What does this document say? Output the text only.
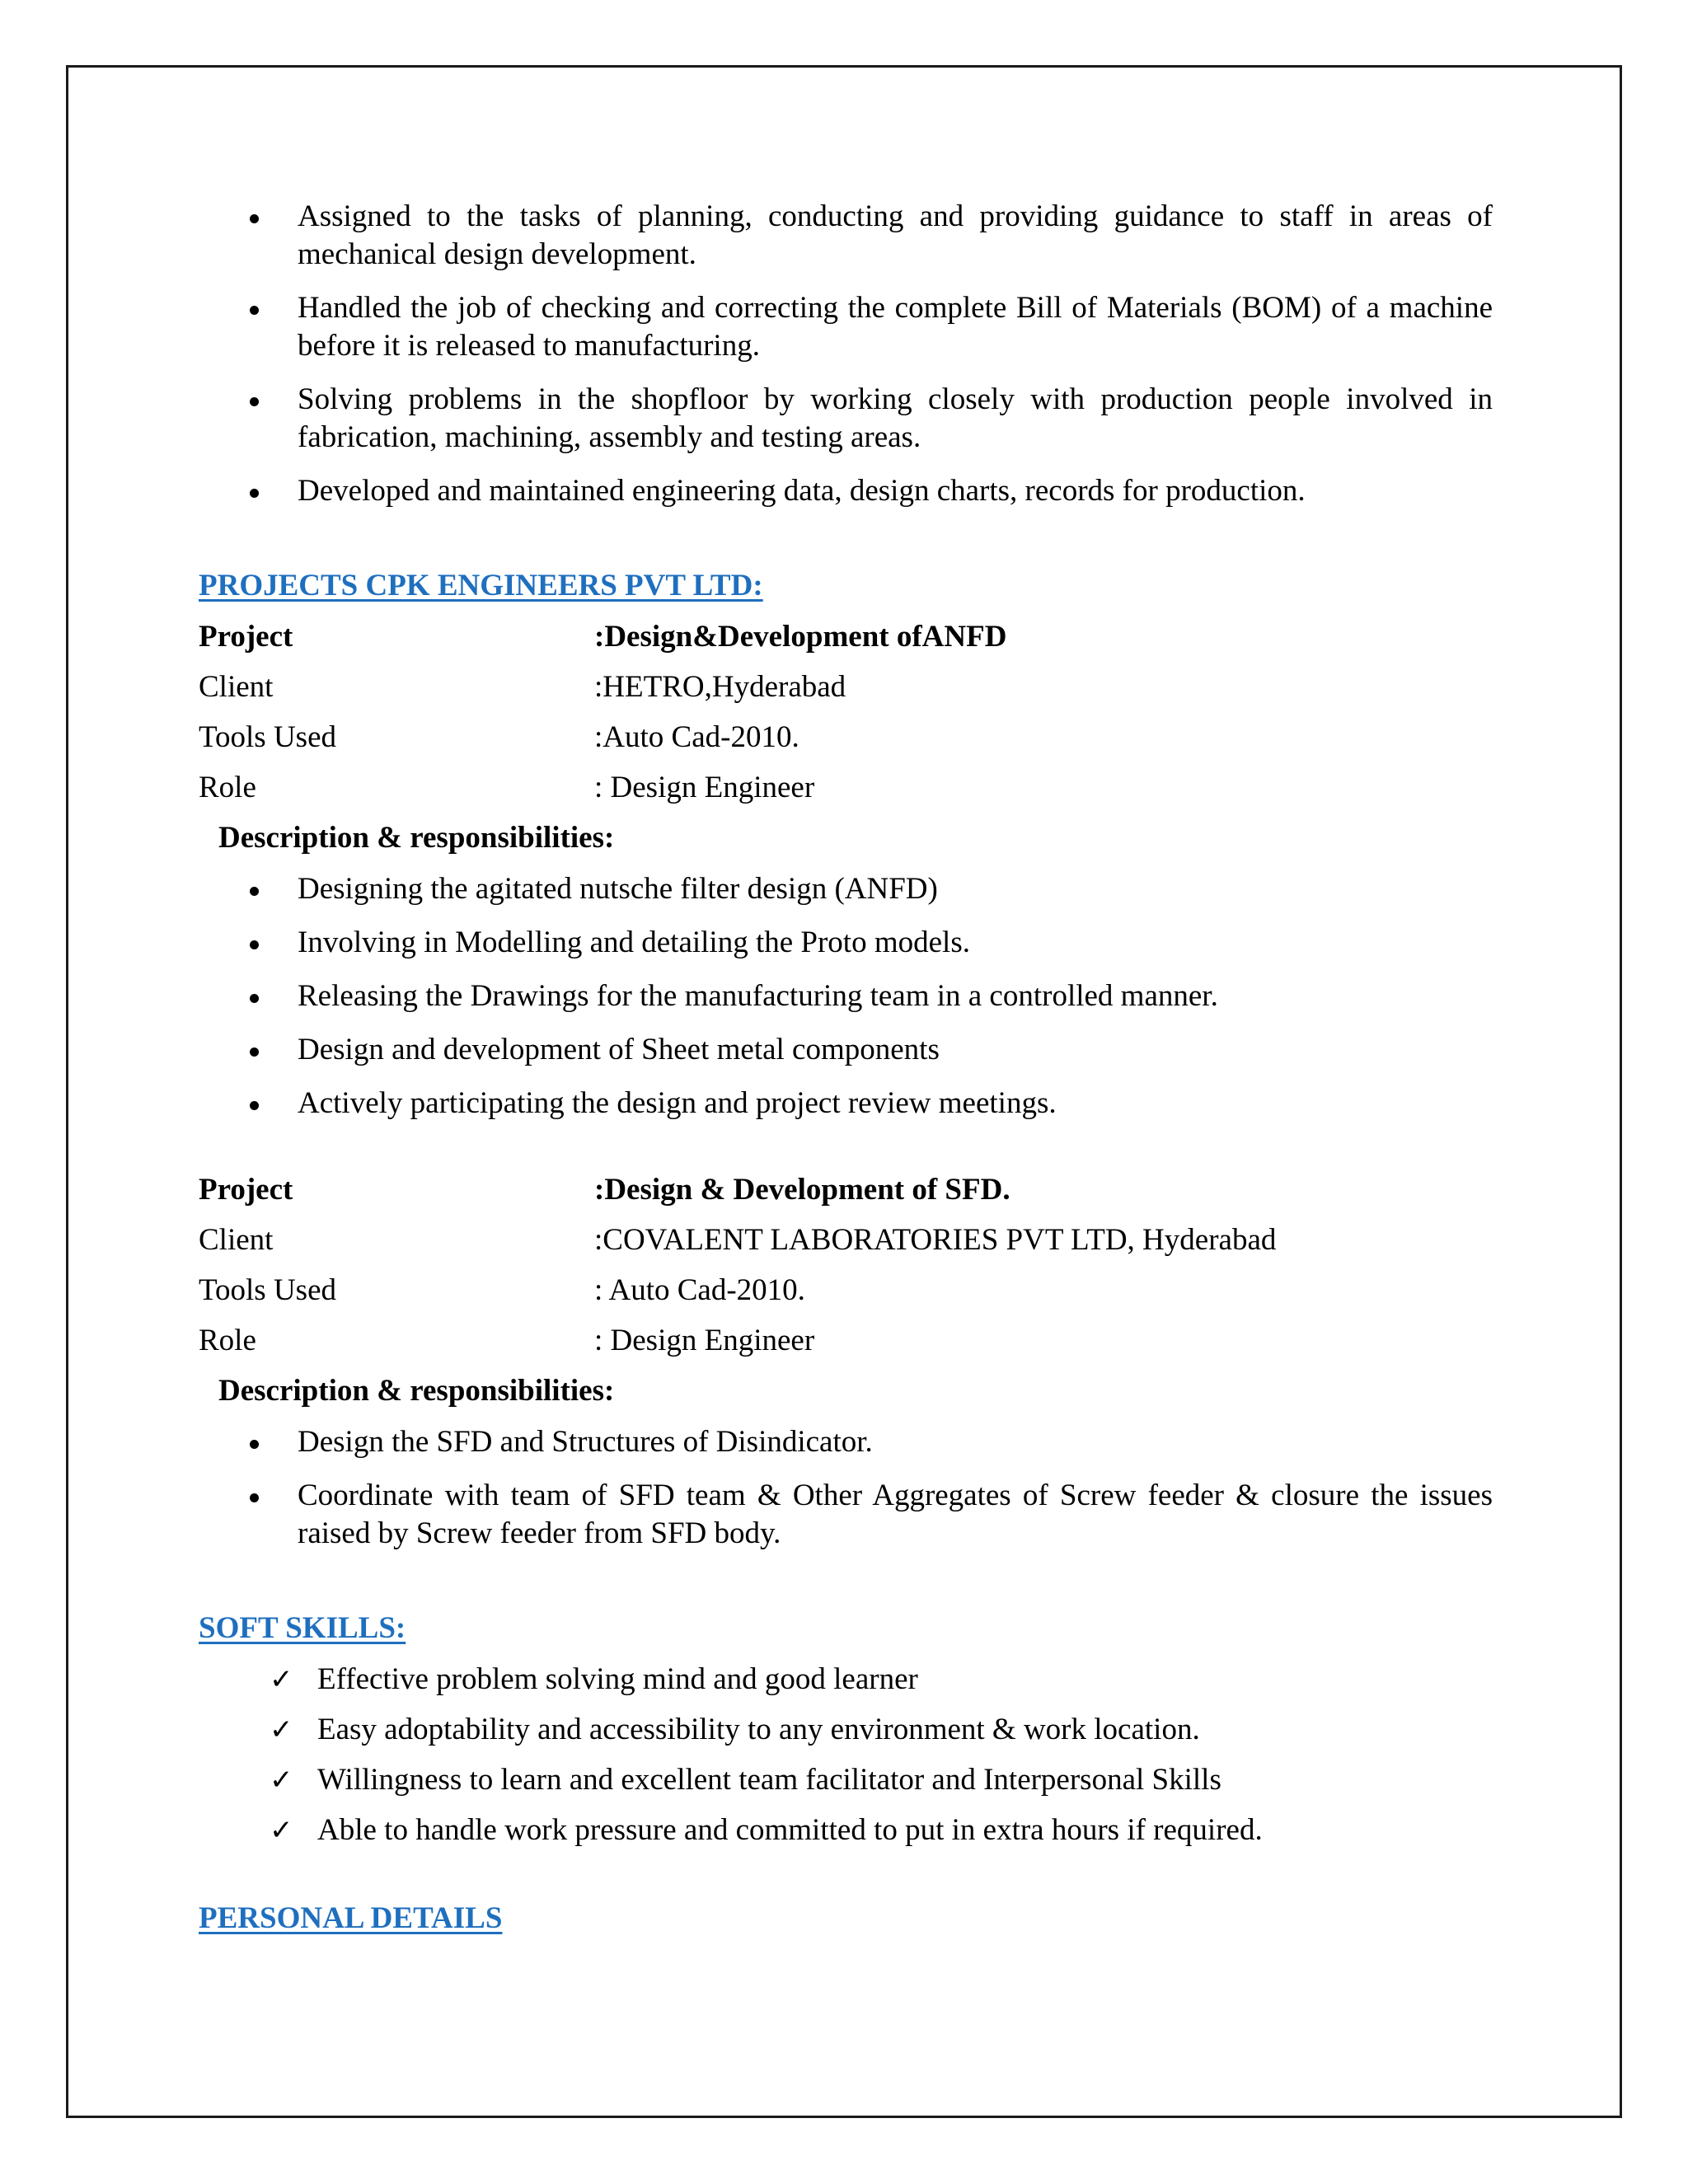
Assigned to the tasks of planning, conducting and providing guidance to staff in areas of mechanical design development.
Handled the job of checking and correcting the complete Bill of Materials (BOM) of a machine before it is released to manufacturing.
Solving problems in the shopfloor by working closely with production people involved in fabrication, machining, assembly and testing areas.
Developed and maintained engineering data, design charts, records for production.
PROJECTS CPK ENGINEERS PVT LTD:
Project	:Design&Development ofANFD
Client	:HETRO,Hyderabad
Tools Used	:Auto Cad-2010.
Role	: Design Engineer
Description & responsibilities:
Designing the agitated nutsche filter design (ANFD)
Involving in Modelling and detailing the Proto models.
Releasing the Drawings for the manufacturing team in a controlled manner.
Design and development of Sheet metal components
Actively participating the design and project review meetings.
Project	:Design & Development of SFD.
Client	:COVALENT LABORATORIES PVT LTD, Hyderabad
Tools Used	: Auto Cad-2010.
Role	: Design Engineer
Description & responsibilities:
Design the SFD and Structures of Disindicator.
Coordinate with team of SFD team & Other Aggregates of Screw feeder & closure the issues raised by Screw feeder from SFD body.
SOFT SKILLS:
✓ Effective problem solving mind and good learner
✓ Easy adoptability and accessibility to any environment & work location.
✓ Willingness to learn and excellent team facilitator and Interpersonal Skills
✓ Able to handle work pressure and committed to put in extra hours if required.
PERSONAL DETAILS
